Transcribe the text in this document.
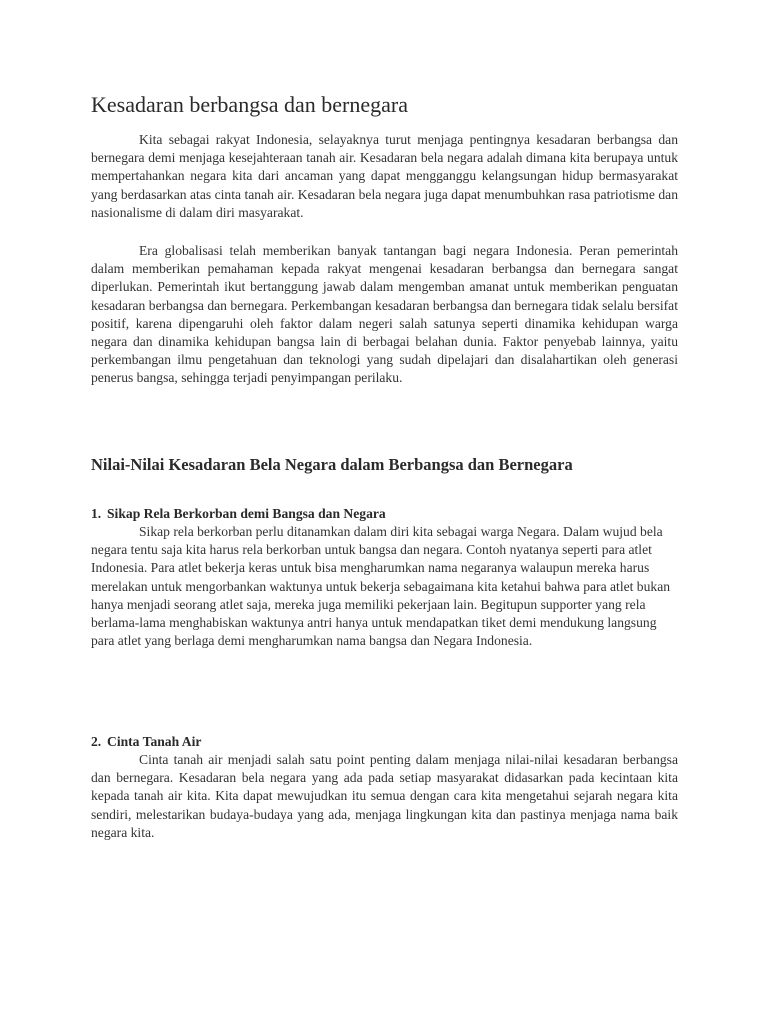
Kesadaran berbangsa dan bernegara

Kita sebagai rakyat Indonesia, selayaknya turut menjaga pentingnya kesadaran berbangsa dan bernegara demi menjaga kesejahteraan tanah air. Kesadaran bela negara adalah dimana kita berupaya untuk mempertahankan negara kita dari ancaman yang dapat mengganggu kelangsungan hidup bermasyarakat yang berdasarkan atas cinta tanah air. Kesadaran bela negara juga dapat menumbuhkan rasa patriotisme dan nasionalisme di dalam diri masyarakat.

Era globalisasi telah memberikan banyak tantangan bagi negara Indonesia. Peran pemerintah dalam memberikan pemahaman kepada rakyat mengenai kesadaran berbangsa dan bernegara sangat diperlukan. Pemerintah ikut bertanggung jawab dalam mengemban amanat untuk memberikan penguatan kesadaran berbangsa dan bernegara. Perkembangan kesadaran berbangsa dan bernegara tidak selalu bersifat positif, karena dipengaruhi oleh faktor dalam negeri salah satunya seperti dinamika kehidupan warga negara dan dinamika kehidupan bangsa lain di berbagai belahan dunia. Faktor penyebab lainnya, yaitu perkembangan ilmu pengetahuan dan teknologi yang sudah dipelajari dan disalahartikan oleh generasi penerus bangsa, sehingga terjadi penyimpangan perilaku.

Nilai-Nilai Kesadaran Bela Negara dalam Berbangsa dan Bernegara
1. Sikap Rela Berkorban demi Bangsa dan Negara

Sikap rela berkorban perlu ditanamkan dalam diri kita sebagai warga Negara. Dalam wujud bela negara tentu saja kita harus rela berkorban untuk bangsa dan negara. Contoh nyatanya seperti para atlet Indonesia. Para atlet bekerja keras untuk bisa mengharumkan nama negaranya walaupun mereka harus merelakan untuk mengorbankan waktunya untuk bekerja sebagaimana kita ketahui bahwa para atlet bukan hanya menjadi seorang atlet saja, mereka juga memiliki pekerjaan lain. Begitupun supporter yang rela berlama-lama menghabiskan waktunya antri hanya untuk mendapatkan tiket demi mendukung langsung para atlet yang berlaga demi mengharumkan nama bangsa dan Negara Indonesia.

2. Cinta Tanah Air

Cinta tanah air menjadi salah satu point penting dalam menjaga nilai-nilai kesadaran berbangsa dan bernegara. Kesadaran bela negara yang ada pada setiap masyarakat didasarkan pada kecintaan kita kepada tanah air kita. Kita dapat mewujudkan itu semua dengan cara kita mengetahui sejarah negara kita sendiri, melestarikan budaya-budaya yang ada, menjaga lingkungan kita dan pastinya menjaga nama baik negara kita.
